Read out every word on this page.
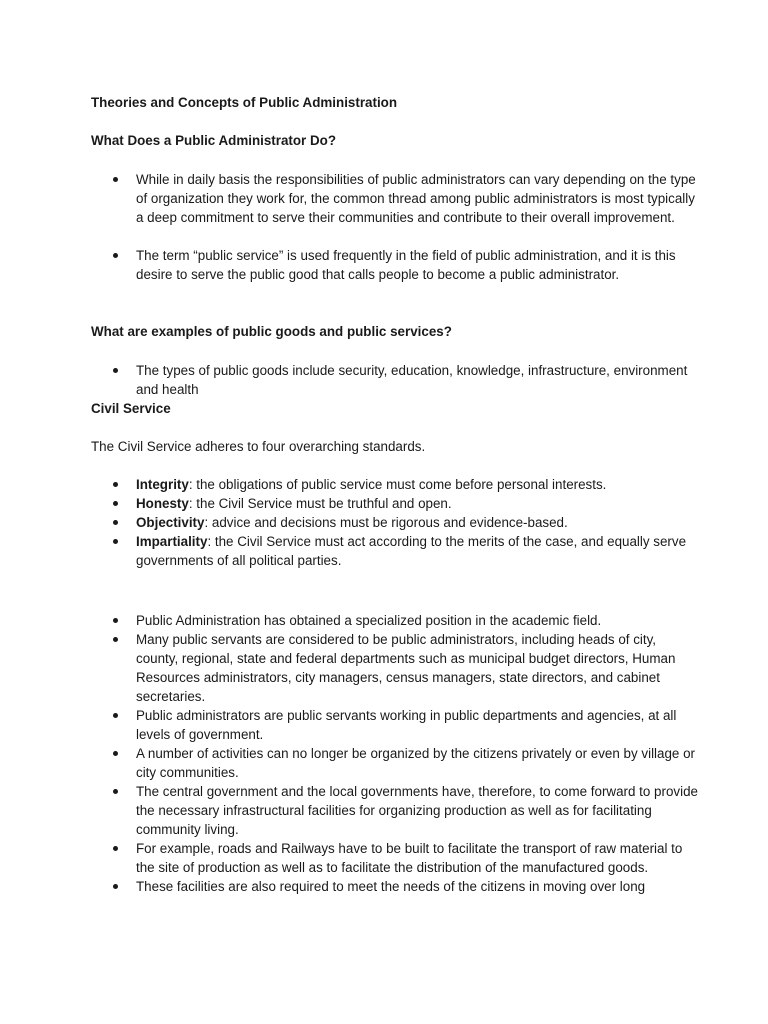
Theories and Concepts of Public Administration
What Does a Public Administrator Do?
While in daily basis the responsibilities of public administrators can vary depending on the type of organization they work for, the common thread among public administrators is most typically a deep commitment to serve their communities and contribute to their overall improvement.
The term “public service” is used frequently in the field of public administration, and it is this desire to serve the public good that calls people to become a public administrator.
What are examples of public goods and public services?
The types of public goods include security, education, knowledge, infrastructure, environment and health
Civil Service
The Civil Service adheres to four overarching standards.
Integrity: the obligations of public service must come before personal interests.
Honesty: the Civil Service must be truthful and open.
Objectivity: advice and decisions must be rigorous and evidence-based.
Impartiality: the Civil Service must act according to the merits of the case, and equally serve governments of all political parties.
Public Administration has obtained a specialized position in the academic field.
Many public servants are considered to be public administrators, including heads of city, county, regional, state and federal departments such as municipal budget directors, Human Resources administrators, city managers, census managers, state directors, and cabinet secretaries.
Public administrators are public servants working in public departments and agencies, at all levels of government.
A number of activities can no longer be organized by the citizens privately or even by village or city communities.
The central government and the local governments have, therefore, to come forward to provide the necessary infrastructural facilities for organizing production as well as for facilitating community living.
For example, roads and Railways have to be built to facilitate the transport of raw material to the site of production as well as to facilitate the distribution of the manufactured goods.
These facilities are also required to meet the needs of the citizens in moving over long
